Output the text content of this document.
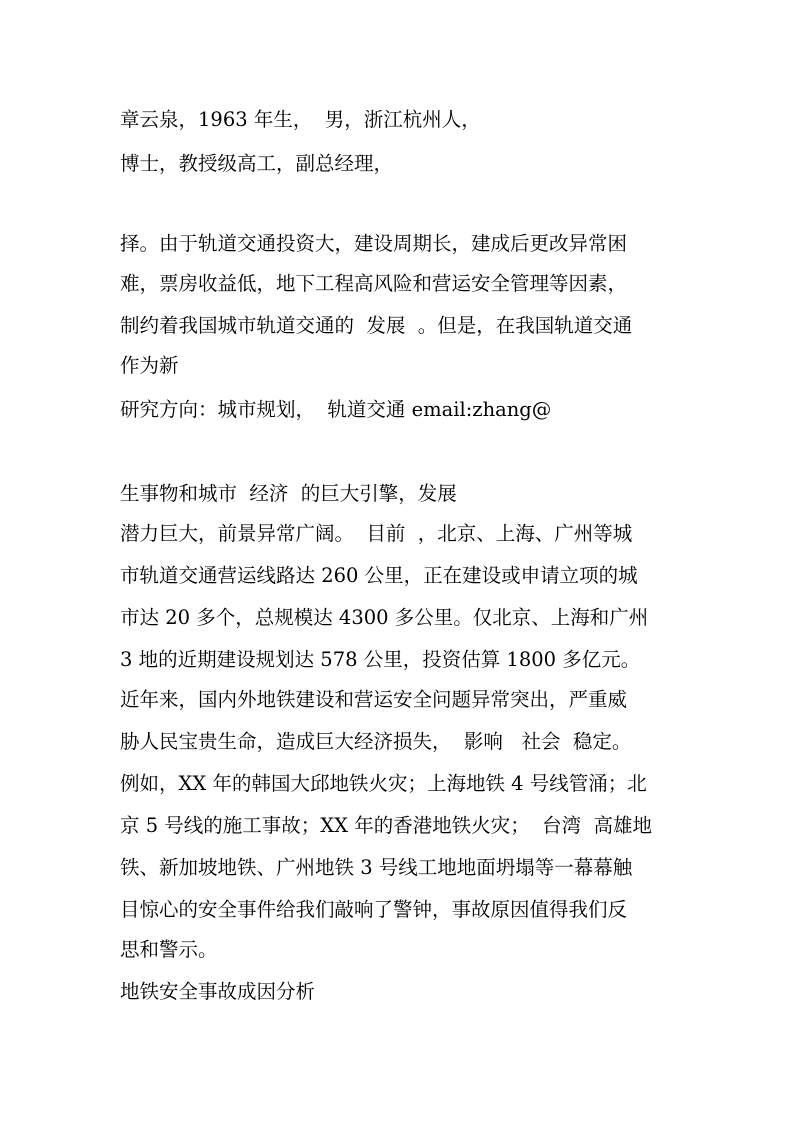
章云泉，1963 年生，  男，浙江杭州人，
博士，教授级高工，副总经理，
择。由于轨道交通投资大，建设周期长，建成后更改异常困
难，票房收益低，地下工程高风险和营运安全管理等因素，
制约着我国城市轨道交通的  发展  。但是，在我国轨道交通
作为新
研究方向：城市规划，  轨道交通 email:zhang@
生事物和城市  经济  的巨大引擎，发展
潜力巨大，前景异常广阔。  目前  ，北京、上海、广州等城
市轨道交通营运线路达 260 公里，正在建设或申请立项的城
市达 20 多个，总规模达 4300 多公里。仅北京、上海和广州
3 地的近期建设规划达 578 公里，投资估算 1800 多亿元。
近年来，国内外地铁建设和营运安全问题异常突出，严重威
胁人民宝贵生命，造成巨大经济损失，  影响   社会  稳定。
例如，XX 年的韩国大邱地铁火灾；上海地铁 4 号线管涌；北
京 5 号线的施工事故；XX 年的香港地铁火灾；  台湾  高雄地
铁、新加坡地铁、广州地铁 3 号线工地地面坍塌等一幕幕触
目惊心的安全事件给我们敲响了警钟，事故原因值得我们反
思和警示。
地铁安全事故成因分析
